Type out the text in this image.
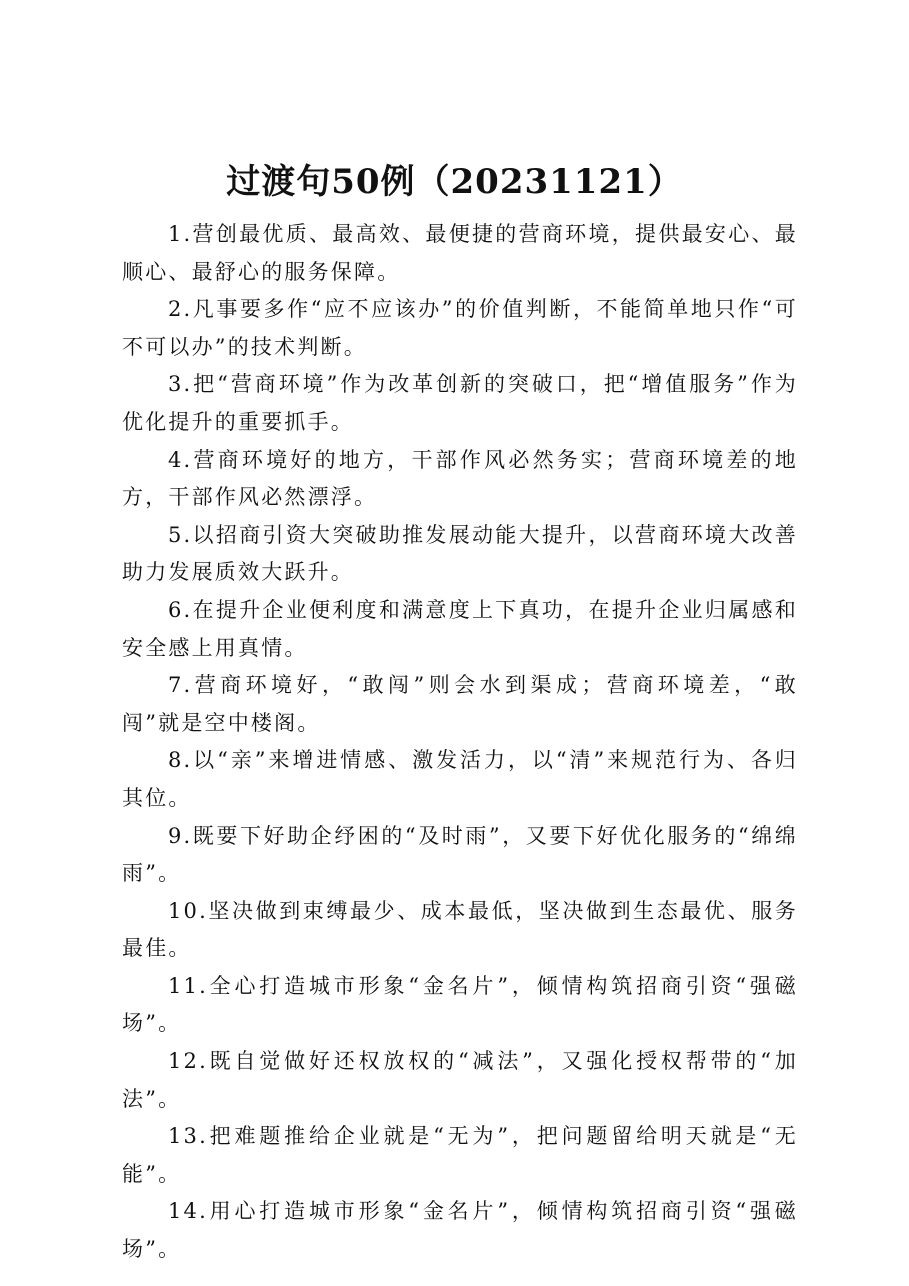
过渡句50例（20231121）

1.营创最优质、最高效、最便捷的营商环境，提供最安心、最顺心、最舒心的服务保障。

2.凡事要多作“应不应该办”的价值判断，不能简单地只作“可不可以办”的技术判断。

3.把“营商环境”作为改革创新的突破口，把“增值服务”作为优化提升的重要抓手。

4.营商环境好的地方，干部作风必然务实；营商环境差的地方，干部作风必然漂浮。

5.以招商引资大突破助推发展动能大提升，以营商环境大改善助力发展质效大跃升。

6.在提升企业便利度和满意度上下真功，在提升企业归属感和安全感上用真情。

7.营商环境好，“敢闯”则会水到渠成；营商环境差，“敢闯”就是空中楼阁。

8.以“亲”来增进情感、激发活力，以“清”来规范行为、各归其位。

9.既要下好助企纾困的“及时雨”，又要下好优化服务的“绵绵雨”。

10.坚决做到束缚最少、成本最低，坚决做到生态最优、服务最佳。

11.全心打造城市形象“金名片”，倾情构筑招商引资“强磁场”。

12.既自觉做好还权放权的“减法”，又强化授权帮带的“加法”。

13.把难题推给企业就是“无为”，把问题留给明天就是“无能”。

14.用心打造城市形象“金名片”，倾情构筑招商引资“强磁场”。
